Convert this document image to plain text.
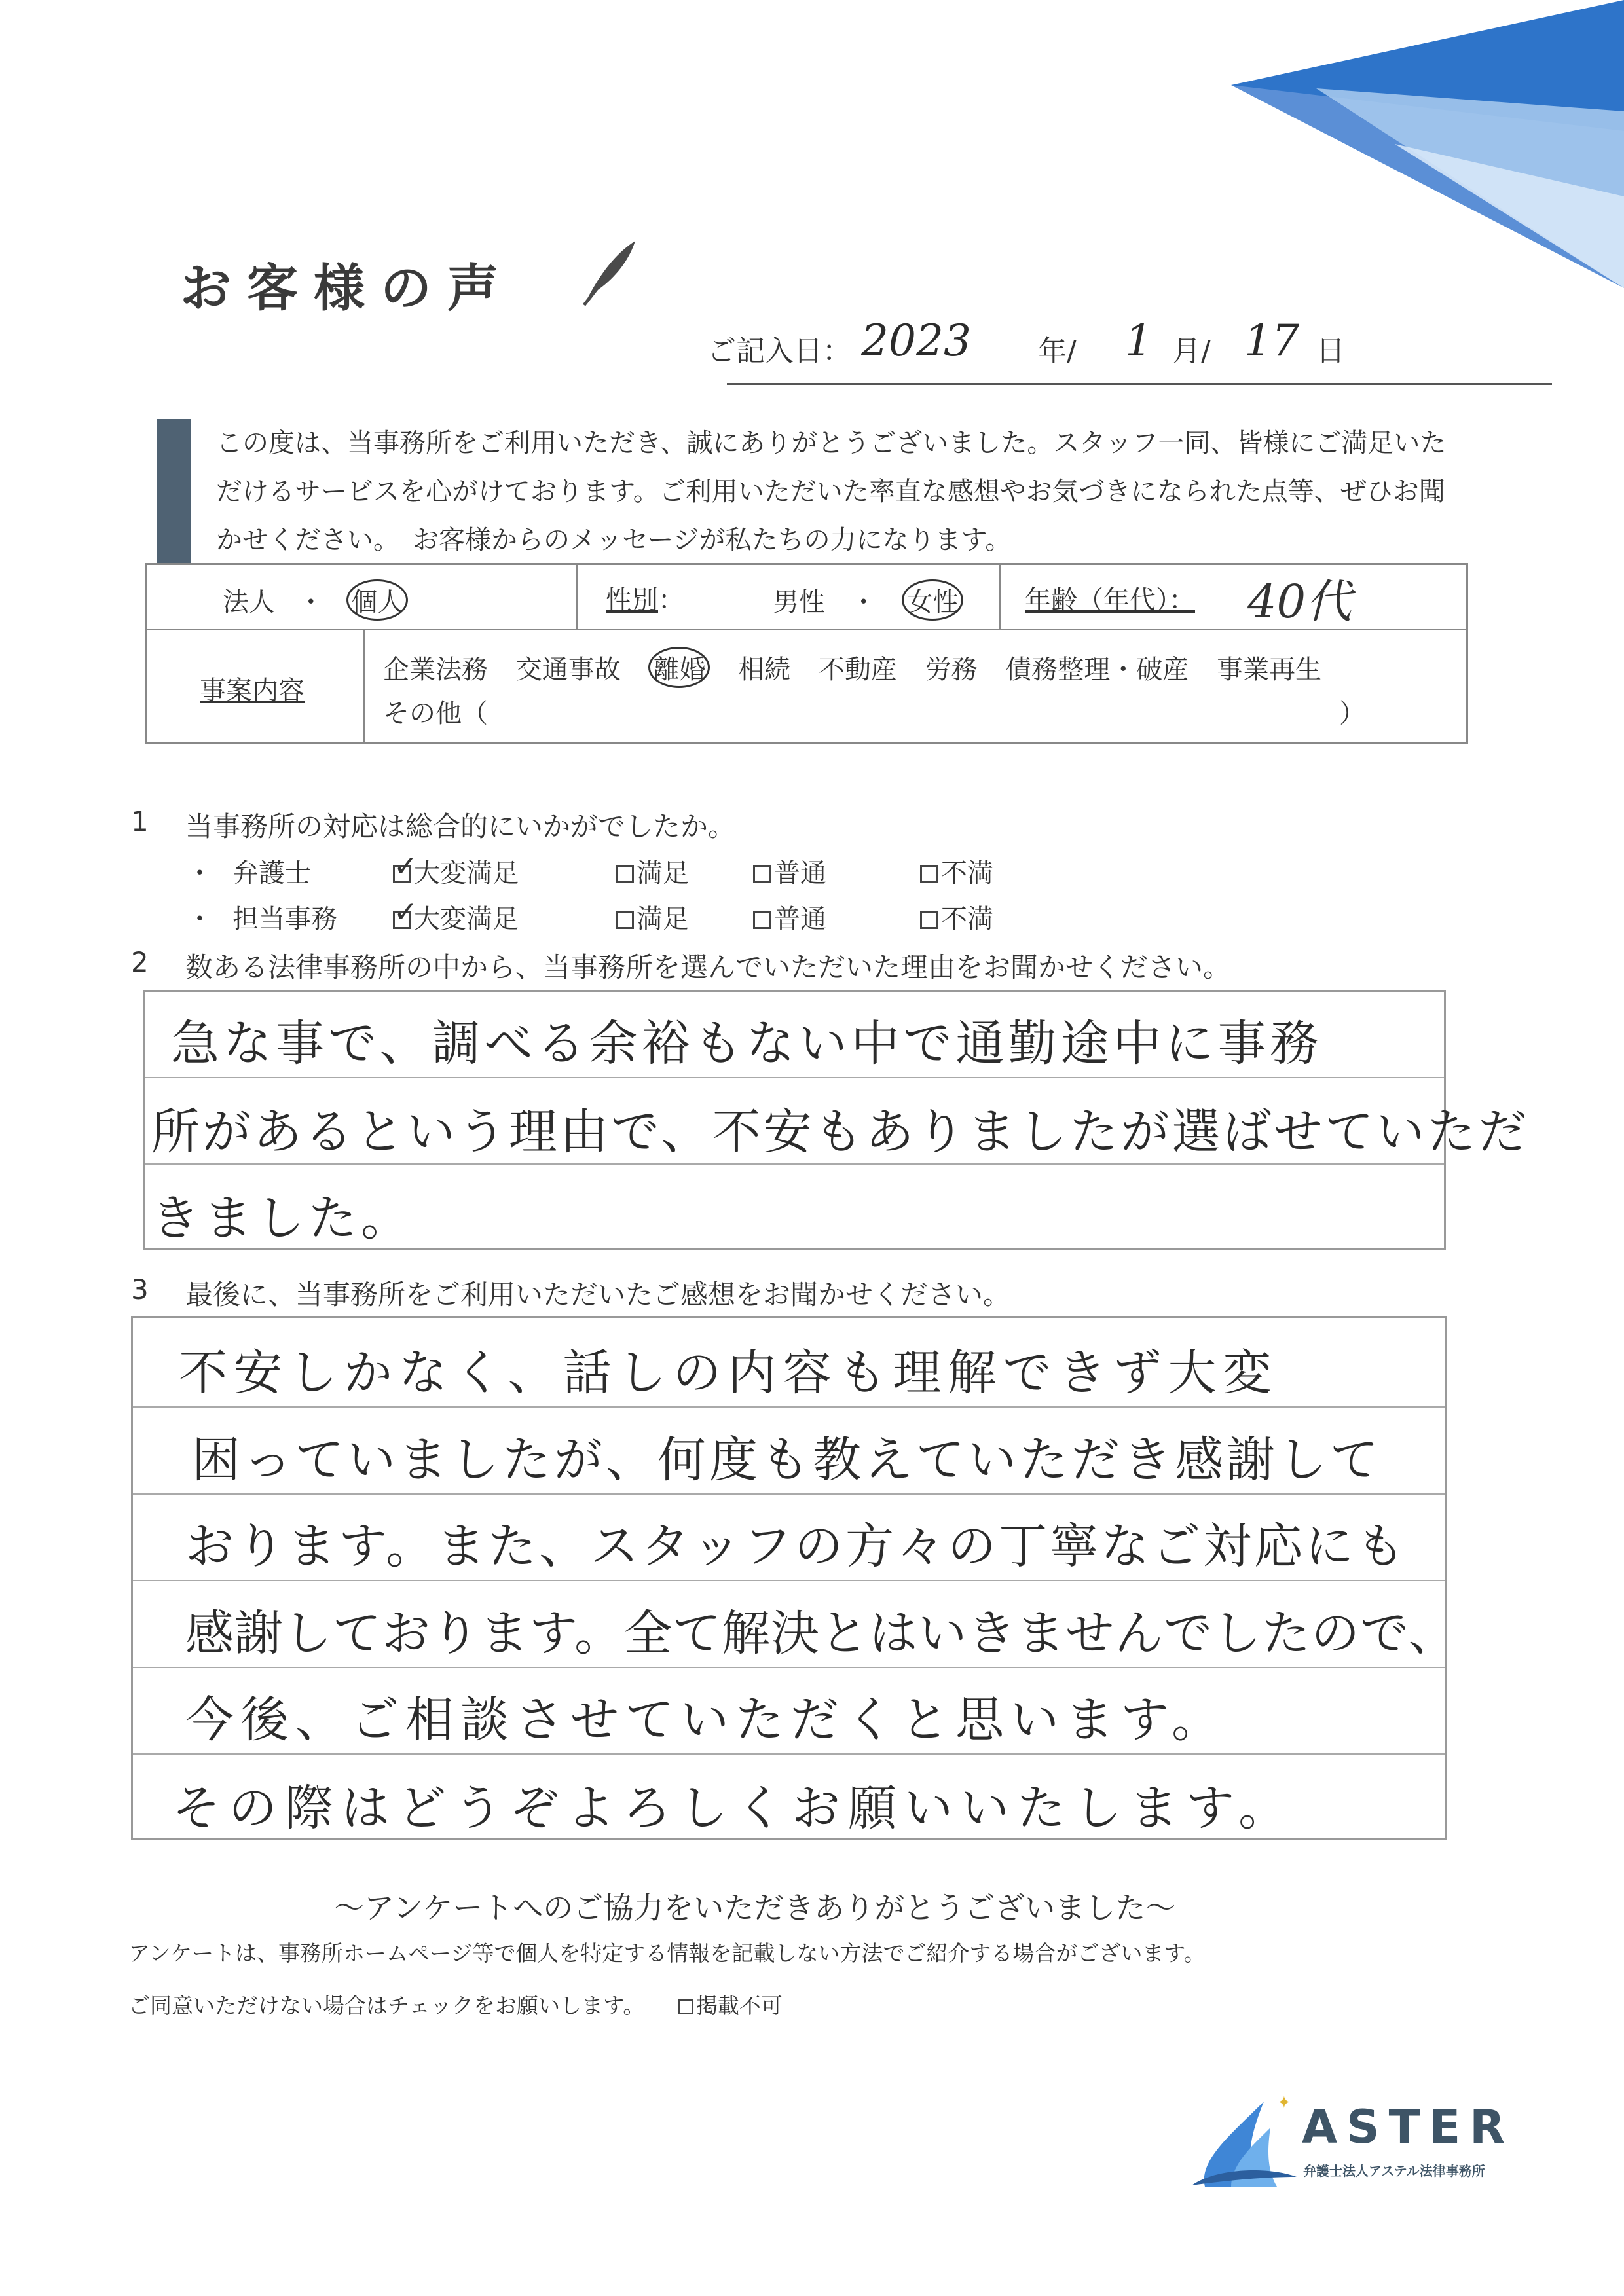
お客様の声
ご記入日： 2023 年/ 1 月/ 17 日
この度は、当事務所をご利用いただき、誠にありがとうございました。スタッフ一同、皆様にご満足いただけるサービスを心がけております。ご利用いただいた率直な感想やお気づきになられた点等、ぜひお聞かせください。　お客様からのメッセージが私たちの力になります。
法人 ・ 個人	性別：	男性 ・ 女性	年齢（年代）： 40代
事案内容
企業法務 交通事故 離婚 相続 不動産 労務 債務整理・破産 事業再生
その他（	）
1 当事務所の対応は総合的にいかがでしたか。
・ 弁護士 ✓	大変満足	満足	普通	不満
・ 担当事務 ✓	大変満足	満足	普通	不満
2 数ある法律事務所の中から、当事務所を選んでいただいた理由をお聞かせください。
急な事で、調べる余裕もない中で通勤途中に事務
所があるという理由で、不安もありましたが選ばせていただ
きました。
3 最後に、当事務所をご利用いただいたご感想をお聞かせください。
不安しかなく、話しの内容も理解できず大変
困っていましたが、何度も教えていただき感謝して
おります。また、スタッフの方々の丁寧なご対応にも
感謝しております。全て解決とはいきませんでしたので、
今後、ご相談させていただくと思います。
その際はどうぞよろしくお願いいたします。
〜アンケートへのご協力をいただきありがとうございました〜
アンケートは、事務所ホームページ等で個人を特定する情報を記載しない方法でご紹介する場合がございます。
ご同意いただけない場合はチェックをお願いします。 掲載不可
✦ ASTER
弁護士法人アステル法律事務所
